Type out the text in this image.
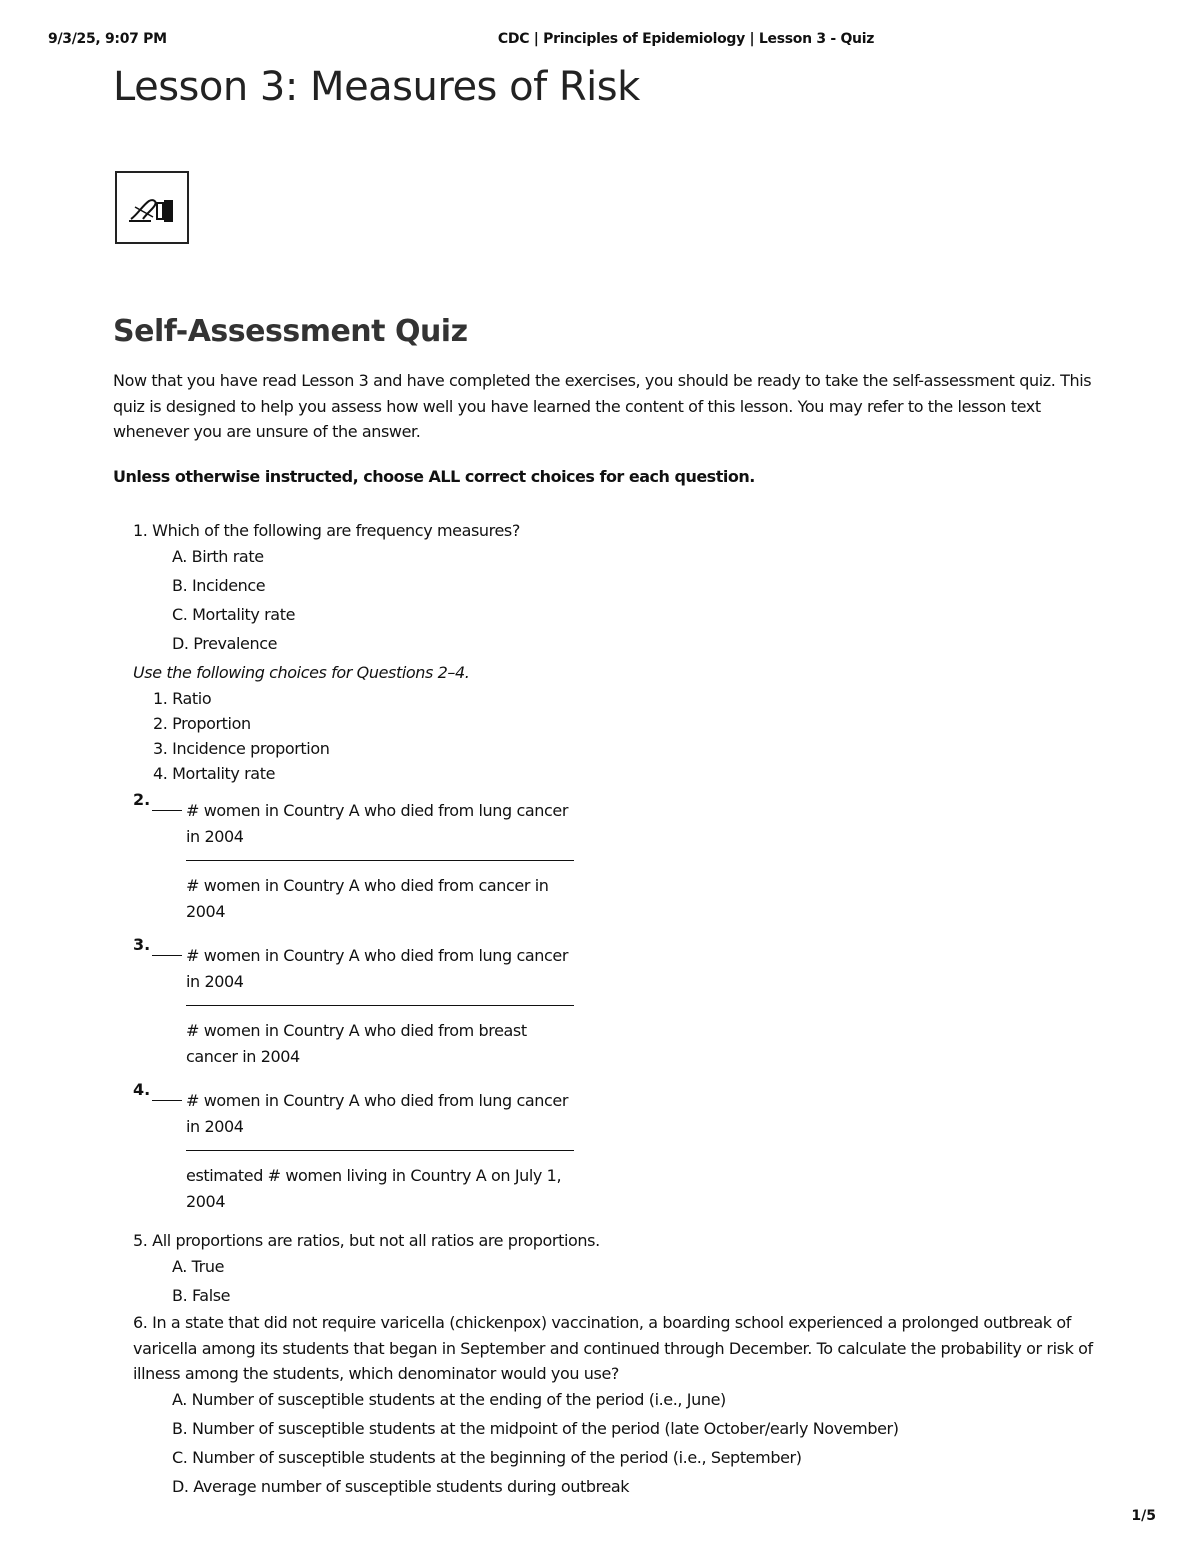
9/3/25, 9:07 PM	CDC | Principles of Epidemiology | Lesson 3 - Quiz
Lesson 3: Measures of Risk
Self-Assessment Quiz

Now that you have read Lesson 3 and have completed the exercises, you should be ready to take the self-assessment quiz. This quiz is designed to help you assess how well you have learned the content of this lesson. You may refer to the lesson text whenever you are unsure of the answer.

Unless otherwise instructed, choose ALL correct choices for each question.

1. Which of the following are frequency measures?
A. Birth rate
B. Incidence
C. Mortality rate
D. Prevalence
Use the following choices for Questions 2–4.
1. Ratio
2. Proportion
3. Incidence proportion
4. Mortality rate
2.
# women in Country A who died from lung cancer in 2004
# women in Country A who died from cancer in 2004
3.
# women in Country A who died from lung cancer in 2004
# women in Country A who died from breast cancer in 2004
4.
# women in Country A who died from lung cancer in 2004
estimated # women living in Country A on July 1, 2004
5. All proportions are ratios, but not all ratios are proportions.
A. True
B. False
6. In a state that did not require varicella (chickenpox) vaccination, a boarding school experienced a prolonged outbreak of varicella among its students that began in September and continued through December. To calculate the probability or risk of illness among the students, which denominator would you use?
A. Number of susceptible students at the ending of the period (i.e., June)
B. Number of susceptible students at the midpoint of the period (late October/early November)
C. Number of susceptible students at the beginning of the period (i.e., September)
D. Average number of susceptible students during outbreak
1/5
